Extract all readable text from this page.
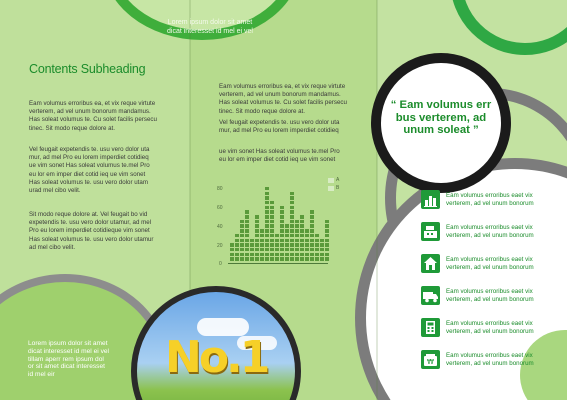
Lorem ipsum dolor sit amet
dicat interesset id mel ei vel
Contents Subheading
Eam volumus erroribus ea, et vix reque virtute
verterem, ad vel unum bonorum mandamus.
Has soleat volumus te. Cu solet facilis persecu
tinec. Sit modo reque dolore at.
Vel feugait expetendis te. usu vero dolor uta
mur, ad mel Pro eu lorem imperdiet cotidieq
ue vim sonet Has soleat volumus te.mel Pro
eu lor em imper diet cotid ieq ue vim sonet
Has soleat volumus te. usu vero dolor utam
urad mel cibo velit.
Sit modo reque dolore at. Vel feugait bo vid
expetendis te. usu vero dolor utamur, ad mel
Pro eu lorem imperdiet cotidieque vim sonet
Has soleat volumus te. usu vero dolor utamur
ad mel cibo velit.
Lorem ipsum dolor sit amet
dicat interesset id mel ei vel
tillam aperr rem ipsum dol
or sit amet dicat interesset
id mel eir
Eam volumus erroribus ea, et vix reque virtute
verterem, ad vel unum bonorum mandamus.
Has soleat volumus te. Cu solet facilis persecu
tinec. Sit modo reque dolore at.
Vel feugait expetendis te. usu vero dolor uta
mur, ad mel Pro eu lorem imperdiet cotidieq
ue vim sonet Has soleat volumus te.mel Pro
eu lor em imper diet cotid ieq ue vim sonet
80
60
40
20
0
A
B
No.1
“ Eam volumus err
bus verterem, ad
unum soleat ”
Eam volumus erroribus eaet vix
verterem, ad vel unum bonorum
Eam volumus erroribus eaet vix
verterem, ad vel unum bonorum
Eam volumus erroribus eaet vix
verterem, ad vel unum bonorum
Eam volumus erroribus eaet vix
verterem, ad vel unum bonorum
Eam volumus erroribus eaet vix
verterem, ad vel unum bonorum
₩
Eam volumus erroribus eaet vix
verterem, ad vel unum bonorum
